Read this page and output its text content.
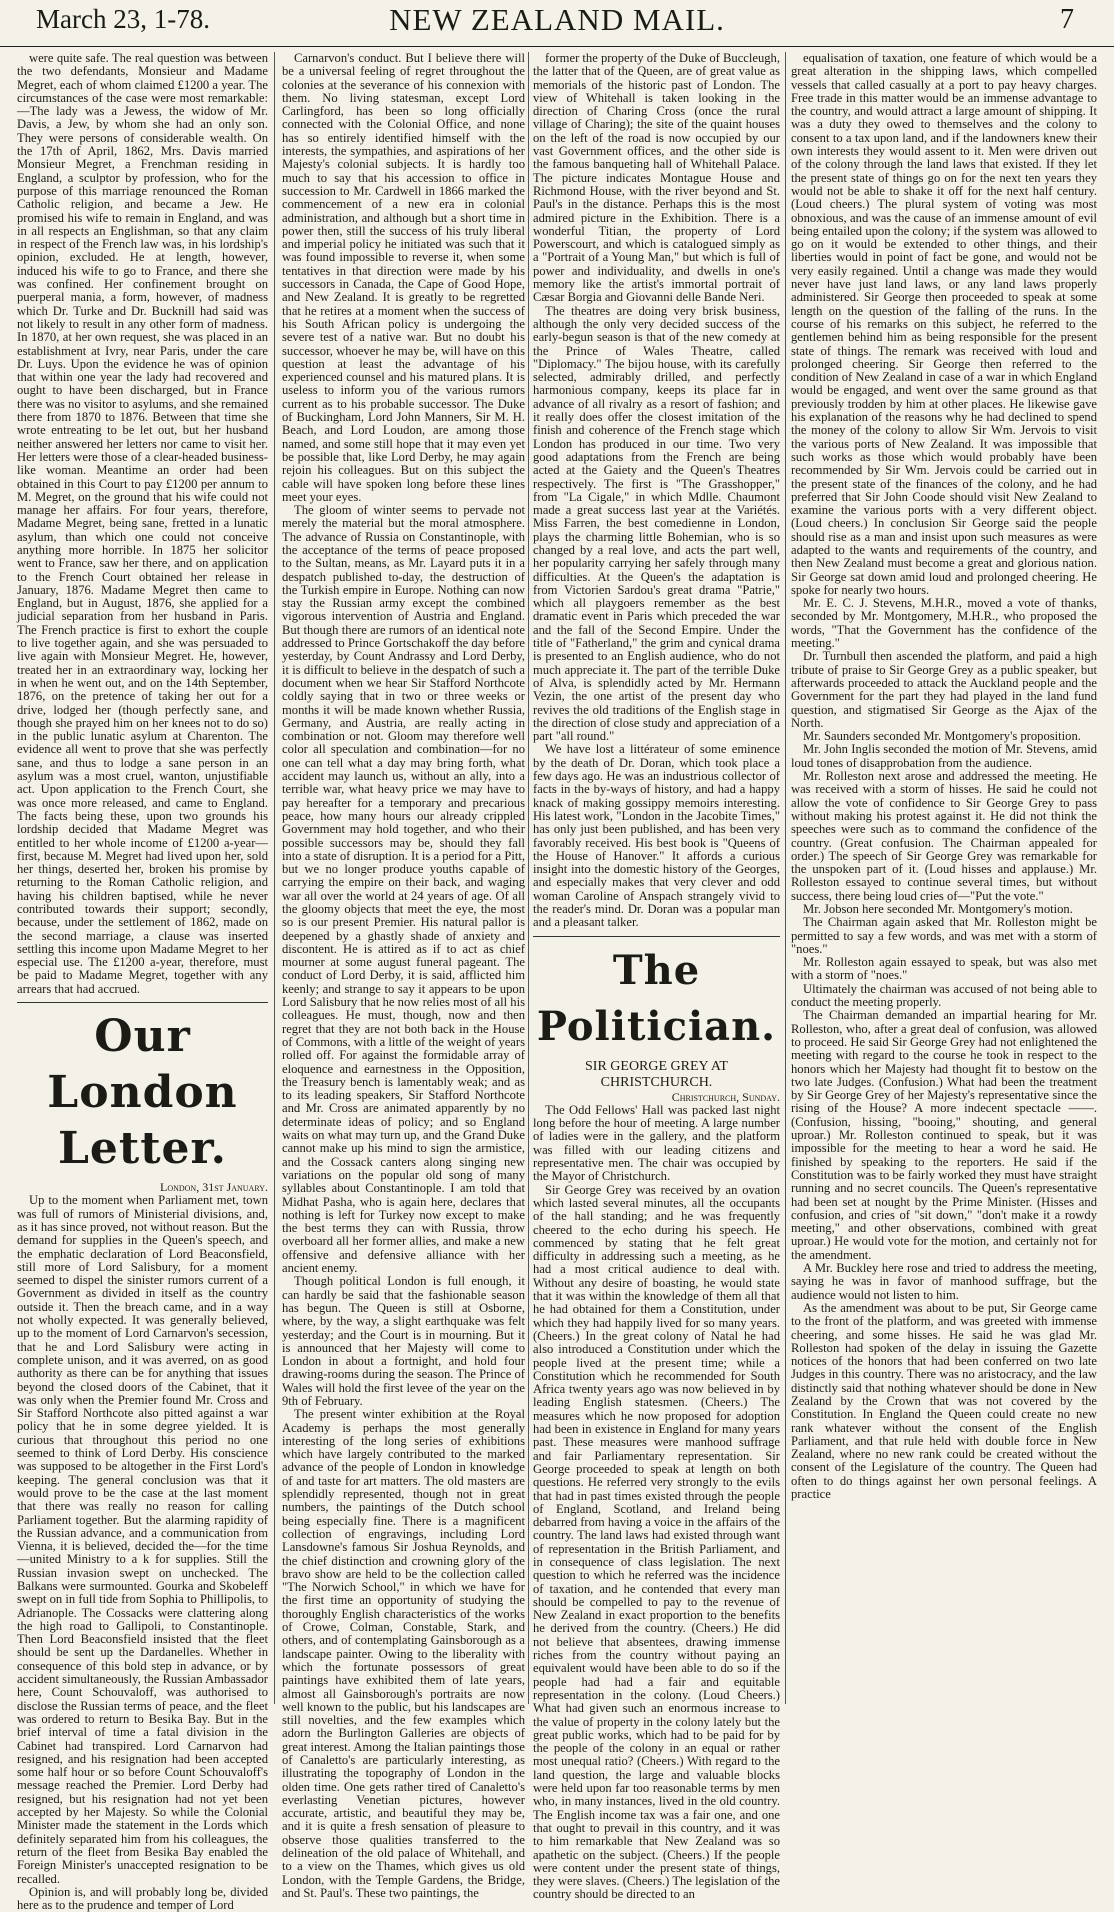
March 23, 1-78.	NEW ZEALAND MAIL.	7

were quite safe. The real question was between the two defendants, Monsieur and Madame Megret, each of whom claimed £1200 a year. The circumstances of the case were most remarkable:—The lady was a Jewess, the widow of Mr. Davis, a Jew, by whom she had an only son. They were persons of considerable wealth. On the 17th of April, 1862, Mrs. Davis married Monsieur Megret, a Frenchman residing in England, a sculptor by profession, who for the purpose of this marriage renounced the Roman Catholic religion, and became a Jew. He promised his wife to remain in England, and was in all respects an Englishman, so that any claim in respect of the French law was, in his lordship's opinion, excluded. He at length, however, induced his wife to go to France, and there she was confined. Her confinement brought on puerperal mania, a form, however, of madness which Dr. Turke and Dr. Bucknill had said was not likely to result in any other form of madness. In 1870, at her own request, she was placed in an establishment at Ivry, near Paris, under the care Dr. Luys. Upon the evidence he was of opinion that within one year the lady had recovered and ought to have been discharged, but in France there was no visitor to asylums, and she remained there from 1870 to 1876. Between that time she wrote entreating to be let out, but her husband neither answered her letters nor came to visit her. Her letters were those of a clear-headed business-like woman. Meantime an order had been obtained in this Court to pay £1200 per annum to M. Megret, on the ground that his wife could not manage her affairs. For four years, therefore, Madame Megret, being sane, fretted in a lunatic asylum, than which one could not conceive anything more horrible. In 1875 her solicitor went to France, saw her there, and on application to the French Court obtained her release in January, 1876. Madame Megret then came to England, but in August, 1876, she applied for a judicial separation from her husband in Paris. The French practice is first to exhort the couple to live together again, and she was persuaded to live again with Monsieur Megret. He, however, treated her in an extraordinary way, locking her in when he went out, and on the 14th September, 1876, on the pretence of taking her out for a drive, lodged her (though perfectly sane, and though she prayed him on her knees not to do so) in the public lunatic asylum at Charenton. The evidence all went to prove that she was perfectly sane, and thus to lodge a sane person in an asylum was a most cruel, wanton, unjustifiable act. Upon application to the French Court, she was once more released, and came to England. The facts being these, upon two grounds his lordship decided that Madame Megret was entitled to her whole income of £1200 a-year—first, because M. Megret had lived upon her, sold her things, deserted her, broken his promise by returning to the Roman Catholic religion, and having his children baptised, while he never contributed towards their support; secondly, because, under the settlement of 1862, made on the second marriage, a clause was inserted settling this income upon Madame Megret to her especial use. The £1200 a-year, therefore, must be paid to Madame Megret, together with any arrears that had accrued.

Our London Letter.

London, 31st January.

Up to the moment when Parliament met, town was full of rumors of Ministerial divisions, and, as it has since proved, not without reason. But the demand for supplies in the Queen's speech, and the emphatic declaration of Lord Beaconsfield, still more of Lord Salisbury, for a moment seemed to dispel the sinister rumors current of a Government as divided in itself as the country outside it. Then the breach came, and in a way not wholly expected. It was generally believed, up to the moment of Lord Carnarvon's secession, that he and Lord Salisbury were acting in complete unison, and it was averred, on as good authority as there can be for anything that issues beyond the closed doors of the Cabinet, that it was only when the Premier found Mr. Cross and Sir Stafford Northcote also pitted against a war policy that he in some degree yielded. It is curious that throughout this period no one seemed to think of Lord Derby. His conscience was supposed to be altogether in the First Lord's keeping. The general conclusion was that it would prove to be the case at the last moment that there was really no reason for calling Parliament together. But the alarming rapidity of the Russian advance, and a communication from Vienna, it is believed, decided the—for the time—united Ministry to a k for supplies. Still the Russian invasion swept on unchecked. The Balkans were surmounted. Gourka and Skobeleff swept on in full tide from Sophia to Phillipolis, to Adrianople. The Cossacks were clattering along the high road to Gallipoli, to Constantinople. Then Lord Beaconsfield insisted that the fleet should be sent up the Dardanelles. Whether in consequence of this bold step in advance, or by accident simultaneously, the Russian Ambassador here, Count Schouvaloff, was authorised to disclose the Russian terms of peace, and the fleet was ordered to return to Besika Bay. But in the brief interval of time a fatal division in the Cabinet had transpired. Lord Carnarvon had resigned, and his resignation had been accepted some half hour or so before Count Schouvaloff's message reached the Premier. Lord Derby had resigned, but his resignation had not yet been accepted by her Majesty. So while the Colonial Minister made the statement in the Lords which definitely separated him from his colleagues, the return of the fleet from Besika Bay enabled the Foreign Minister's unaccepted resignation to be recalled.

Opinion is, and will probably long be, divided here as to the prudence and temper of Lord

Carnarvon's conduct. But I believe there will be a universal feeling of regret throughout the colonies at the severance of his connexion with them. No living statesman, except Lord Carlingford, has been so long officially connected with the Colonial Office, and none has so entirely identified himself with the interests, the sympathies, and aspirations of her Majesty's colonial subjects. It is hardly too much to say that his accession to office in succession to Mr. Cardwell in 1866 marked the commencement of a new era in colonial administration, and although but a short time in power then, still the success of his truly liberal and imperial policy he initiated was such that it was found impossible to reverse it, when some tentatives in that direction were made by his successors in Canada, the Cape of Good Hope, and New Zealand. It is greatly to be regretted that he retires at a moment when the success of his South African policy is undergoing the severe test of a native war. But no doubt his successor, whoever he may be, will have on this question at least the advantage of his experienced counsel and his matured plans. It is useless to inform you of the various rumors current as to his probable successor. The Duke of Buckingham, Lord John Manners, Sir M. H. Beach, and Lord Loudon, are among those named, and some still hope that it may even yet be possible that, like Lord Derby, he may again rejoin his colleagues. But on this subject the cable will have spoken long before these lines meet your eyes.

The gloom of winter seems to pervade not merely the material but the moral atmosphere. The advance of Russia on Constantinople, with the acceptance of the terms of peace proposed to the Sultan, means, as Mr. Layard puts it in a despatch published to-day, the destruction of the Turkish empire in Europe. Nothing can now stay the Russian army except the combined vigorous intervention of Austria and England. But though there are rumors of an identical note addressed to Prince Gortschakoff the day before yesterday, by Count Andrassy and Lord Derby, it is difficult to believe in the despatch of such a document when we hear Sir Stafford Northcote coldly saying that in two or three weeks or months it will be made known whether Russia, Germany, and Austria, are really acting in combination or not. Gloom may therefore well color all speculation and combination—for no one can tell what a day may bring forth, what accident may launch us, without an ally, into a terrible war, what heavy price we may have to pay hereafter for a temporary and precarious peace, how many hours our already crippled Government may hold together, and who their possible successors may be, should they fall into a state of disruption. It is a period for a Pitt, but we no longer produce youths capable of carrying the empire on their back, and waging war all over the world at 24 years of age. Of all the gloomy objects that meet the eye, the most so is our present Premier. His natural pallor is deepened by a ghastly shade of anxiety and discontent. He is attired as if to act as chief mourner at some august funeral pageant. The conduct of Lord Derby, it is said, afflicted him keenly; and strange to say it appears to be upon Lord Salisbury that he now relies most of all his colleagues. He must, though, now and then regret that they are not both back in the House of Commons, with a little of the weight of years rolled off. For against the formidable array of eloquence and earnestness in the Opposition, the Treasury bench is lamentably weak; and as to its leading speakers, Sir Stafford Northcote and Mr. Cross are animated apparently by no determinate ideas of policy; and so England waits on what may turn up, and the Grand Duke cannot make up his mind to sign the armistice, and the Cossack canters along singing new variations on the popular old song of many syllables about Constantinople. I am told that Midhat Pasha, who is again here, declares that nothing is left for Turkey now except to make the best terms they can with Russia, throw overboard all her former allies, and make a new offensive and defensive alliance with her ancient enemy.

Though political London is full enough, it can hardly be said that the fashionable season has begun. The Queen is still at Osborne, where, by the way, a slight earthquake was felt yesterday; and the Court is in mourning. But it is announced that her Majesty will come to London in about a fortnight, and hold four drawing-rooms during the season. The Prince of Wales will hold the first levee of the year on the 9th of February.

The present winter exhibition at the Royal Academy is perhaps the most generally interesting of the long series of exhibitions which have largely contributed to the marked advance of the people of London in knowledge of and taste for art matters. The old masters are splendidly represented, though not in great numbers, the paintings of the Dutch school being especially fine. There is a magnificent collection of engravings, including Lord Lansdowne's famous Sir Joshua Reynolds, and the chief distinction and crowning glory of the bravo show are held to be the collection called "The Norwich School," in which we have for the first time an opportunity of studying the thoroughly English characteristics of the works of Crowe, Colman, Constable, Stark, and others, and of contemplating Gainsborough as a landscape painter. Owing to the liberality with which the fortunate possessors of great paintings have exhibited them of late years, almost all Gainsborough's portraits are now well known to the public, but his landscapes are still novelties, and the few examples which adorn the Burlington Galleries are objects of great interest. Among the Italian paintings those of Canaletto's are particularly interesting, as illustrating the topography of London in the olden time. One gets rather tired of Canaletto's everlasting Venetian pictures, however accurate, artistic, and beautiful they may be, and it is quite a fresh sensation of pleasure to observe those qualities transferred to the delineation of the old palace of Whitehall, and to a view on the Thames, which gives us old London, with the Temple Gardens, the Bridge, and St. Paul's. These two paintings, the

former the property of the Duke of Buccleugh, the latter that of the Queen, are of great value as memorials of the historic past of London. The view of Whitehall is taken looking in the direction of Charing Cross (once the rural village of Charing); the site of the quaint houses on the left of the road is now occupied by our vast Government offices, and the other side is the famous banqueting hall of Whitehall Palace. The picture indicates Montague House and Richmond House, with the river beyond and St. Paul's in the distance. Perhaps this is the most admired picture in the Exhibition. There is a wonderful Titian, the property of Lord Powerscourt, and which is catalogued simply as a "Portrait of a Young Man," but which is full of power and individuality, and dwells in one's memory like the artist's immortal portrait of Cæsar Borgia and Giovanni delle Bande Neri.

The theatres are doing very brisk business, although the only very decided success of the early-begun season is that of the new comedy at the Prince of Wales Theatre, called "Diplomacy." The bijou house, with its carefully selected, admirably drilled, and perfectly harmonious company, keeps its place far in advance of all rivalry as a resort of fashion; and it really does offer the closest imitation of the finish and coherence of the French stage which London has produced in our time. Two very good adaptations from the French are being acted at the Gaiety and the Queen's Theatres respectively. The first is "The Grasshopper," from "La Cigale," in which Mdlle. Chaumont made a great success last year at the Variétés. Miss Farren, the best comedienne in London, plays the charming little Bohemian, who is so changed by a real love, and acts the part well, her popularity carrying her safely through many difficulties. At the Queen's the adaptation is from Victorien Sardou's great drama "Patrie," which all playgoers remember as the best dramatic event in Paris which preceded the war and the fall of the Second Empire. Under the title of "Fatherland," the grim and cynical drama is presented to an English audience, who do not much appreciate it. The part of the terrible Duke of Alva, is splendidly acted by Mr. Hermann Vezin, the one artist of the present day who revives the old traditions of the English stage in the direction of close study and appreciation of a part "all round."

We have lost a littérateur of some eminence by the death of Dr. Doran, which took place a few days ago. He was an industrious collector of facts in the by-ways of history, and had a happy knack of making gossippy memoirs interesting. His latest work, "London in the Jacobite Times," has only just been published, and has been very favorably received. His best book is "Queens of the House of Hanover." It affords a curious insight into the domestic history of the Georges, and especially makes that very clever and odd woman Caroline of Anspach strangely vivid to the reader's mind. Dr. Doran was a popular man and a pleasant talker.

The Politician.

SIR GEORGE GREY AT CHRISTCHURCH.

Christchurch, Sunday.

The Odd Fellows' Hall was packed last night long before the hour of meeting. A large number of ladies were in the gallery, and the platform was filled with our leading citizens and representative men. The chair was occupied by the Mayor of Christchurch.

Sir George Grey was received by an ovation which lasted several minutes, all the occupants of the hall standing; and he was frequently cheered to the echo during his speech. He commenced by stating that he felt great difficulty in addressing such a meeting, as he had a most critical audience to deal with. Without any desire of boasting, he would state that it was within the knowledge of them all that he had obtained for them a Constitution, under which they had happily lived for so many years. (Cheers.) In the great colony of Natal he had also introduced a Constitution under which the people lived at the present time; while a Constitution which he recommended for South Africa twenty years ago was now believed in by leading English statesmen. (Cheers.) The measures which he now proposed for adoption had been in existence in England for many years past. These measures were manhood suffrage and fair Parliamentary representation. Sir George proceeded to speak at length on both questions. He referred very strongly to the evils that had in past times existed through the people of England, Scotland, and Ireland being debarred from having a voice in the affairs of the country. The land laws had existed through want of representation in the British Parliament, and in consequence of class legislation. The next question to which he referred was the incidence of taxation, and he contended that every man should be compelled to pay to the revenue of New Zealand in exact proportion to the benefits he derived from the country. (Cheers.) He did not believe that absentees, drawing immense riches from the country without paying an equivalent would have been able to do so if the people had had a fair and equitable representation in the colony. (Loud Cheers.) What had given such an enormous increase to the value of property in the colony lately but the great public works, which had to be paid for by the people of the colony in an equal or rather most unequal ratio? (Cheers.) With regard to the land question, the large and valuable blocks were held upon far too reasonable terms by men who, in many instances, lived in the old country. The English income tax was a fair one, and one that ought to prevail in this country, and it was to him remarkable that New Zealand was so apathetic on the subject. (Cheers.) If the people were content under the present state of things, they were slaves. (Cheers.) The legislation of the country should be directed to an

equalisation of taxation, one feature of which would be a great alteration in the shipping laws, which compelled vessels that called casually at a port to pay heavy charges. Free trade in this matter would be an immense advantage to the country, and would attract a large amount of shipping. It was a duty they owed to themselves and the colony to consent to a tax upon land, and if the landowners knew their own interests they would assent to it. Men were driven out of the colony through the land laws that existed. If they let the present state of things go on for the next ten years they would not be able to shake it off for the next half century. (Loud cheers.) The plural system of voting was most obnoxious, and was the cause of an immense amount of evil being entailed upon the colony; if the system was allowed to go on it would be extended to other things, and their liberties would in point of fact be gone, and would not be very easily regained. Until a change was made they would never have just land laws, or any land laws properly administered. Sir George then proceeded to speak at some length on the question of the falling of the runs. In the course of his remarks on this subject, he referred to the gentlemen behind him as being responsible for the present state of things. The remark was received with loud and prolonged cheering. Sir George then referred to the condition of New Zealand in case of a war in which England would be engaged, and went over the same ground as that previously trodden by him at other places. He likewise gave his explanation of the reasons why he had declined to spend the money of the colony to allow Sir Wm. Jervois to visit the various ports of New Zealand. It was impossible that such works as those which would probably have been recommended by Sir Wm. Jervois could be carried out in the present state of the finances of the colony, and he had preferred that Sir John Coode should visit New Zealand to examine the various ports with a very different object. (Loud cheers.) In conclusion Sir George said the people should rise as a man and insist upon such measures as were adapted to the wants and requirements of the country, and then New Zealand must become a great and glorious nation. Sir George sat down amid loud and prolonged cheering. He spoke for nearly two hours.

Mr. E. C. J. Stevens, M.H.R., moved a vote of thanks, seconded by Mr. Montgomery, M.H.R., who proposed the words, "That the Government has the confidence of the meeting."

Dr. Turnbull then ascended the platform, and paid a high tribute of praise to Sir George Grey as a public speaker, but afterwards proceeded to attack the Auckland people and the Government for the part they had played in the land fund question, and stigmatised Sir George as the Ajax of the North.

Mr. Saunders seconded Mr. Montgomery's proposition.

Mr. John Inglis seconded the motion of Mr. Stevens, amid loud tones of disapprobation from the audience.

Mr. Rolleston next arose and addressed the meeting. He was received with a storm of hisses. He said he could not allow the vote of confidence to Sir George Grey to pass without making his protest against it. He did not think the speeches were such as to command the confidence of the country. (Great confusion. The Chairman appealed for order.) The speech of Sir George Grey was remarkable for the unspoken part of it. (Loud hisses and applause.) Mr. Rolleston essayed to continue several times, but without success, there being loud cries of—"Put the vote."

Mr. Jobson here seconded Mr. Montgomery's motion.

The Chairman again asked that Mr. Rolleston might be permitted to say a few words, and was met with a storm of "noes."

Mr. Rolleston again essayed to speak, but was also met with a storm of "noes."

Ultimately the chairman was accused of not being able to conduct the meeting properly.

The Chairman demanded an impartial hearing for Mr. Rolleston, who, after a great deal of confusion, was allowed to proceed. He said Sir George Grey had not enlightened the meeting with regard to the course he took in respect to the honors which her Majesty had thought fit to bestow on the two late Judges. (Confusion.) What had been the treatment by Sir George Grey of her Majesty's representative since the rising of the House? A more indecent spectacle ——. (Confusion, hissing, "booing," shouting, and general uproar.) Mr. Rolleston continued to speak, but it was impossible for the meeting to hear a word he said. He finished by speaking to the reporters. He said if the Constitution was to be fairly worked they must have straight running and no secret councils. The Queen's representative had been set at nought by the Prime Minister. (Hisses and confusion, and cries of "sit down," "don't make it a rowdy meeting," and other observations, combined with great uproar.) He would vote for the motion, and certainly not for the amendment.

A Mr. Buckley here rose and tried to address the meeting, saying he was in favor of manhood suffrage, but the audience would not listen to him.

As the amendment was about to be put, Sir George came to the front of the platform, and was greeted with immense cheering, and some hisses. He said he was glad Mr. Rolleston had spoken of the delay in issuing the Gazette notices of the honors that had been conferred on two late Judges in this country. There was no aristocracy, and the law distinctly said that nothing whatever should be done in New Zealand by the Crown that was not covered by the Constitution. In England the Queen could create no new rank whatever without the consent of the English Parliament, and that rule held with double force in New Zealand, where no new rank could be created without the consent of the Legislature of the country. The Queen had often to do things against her own personal feelings. A practice
